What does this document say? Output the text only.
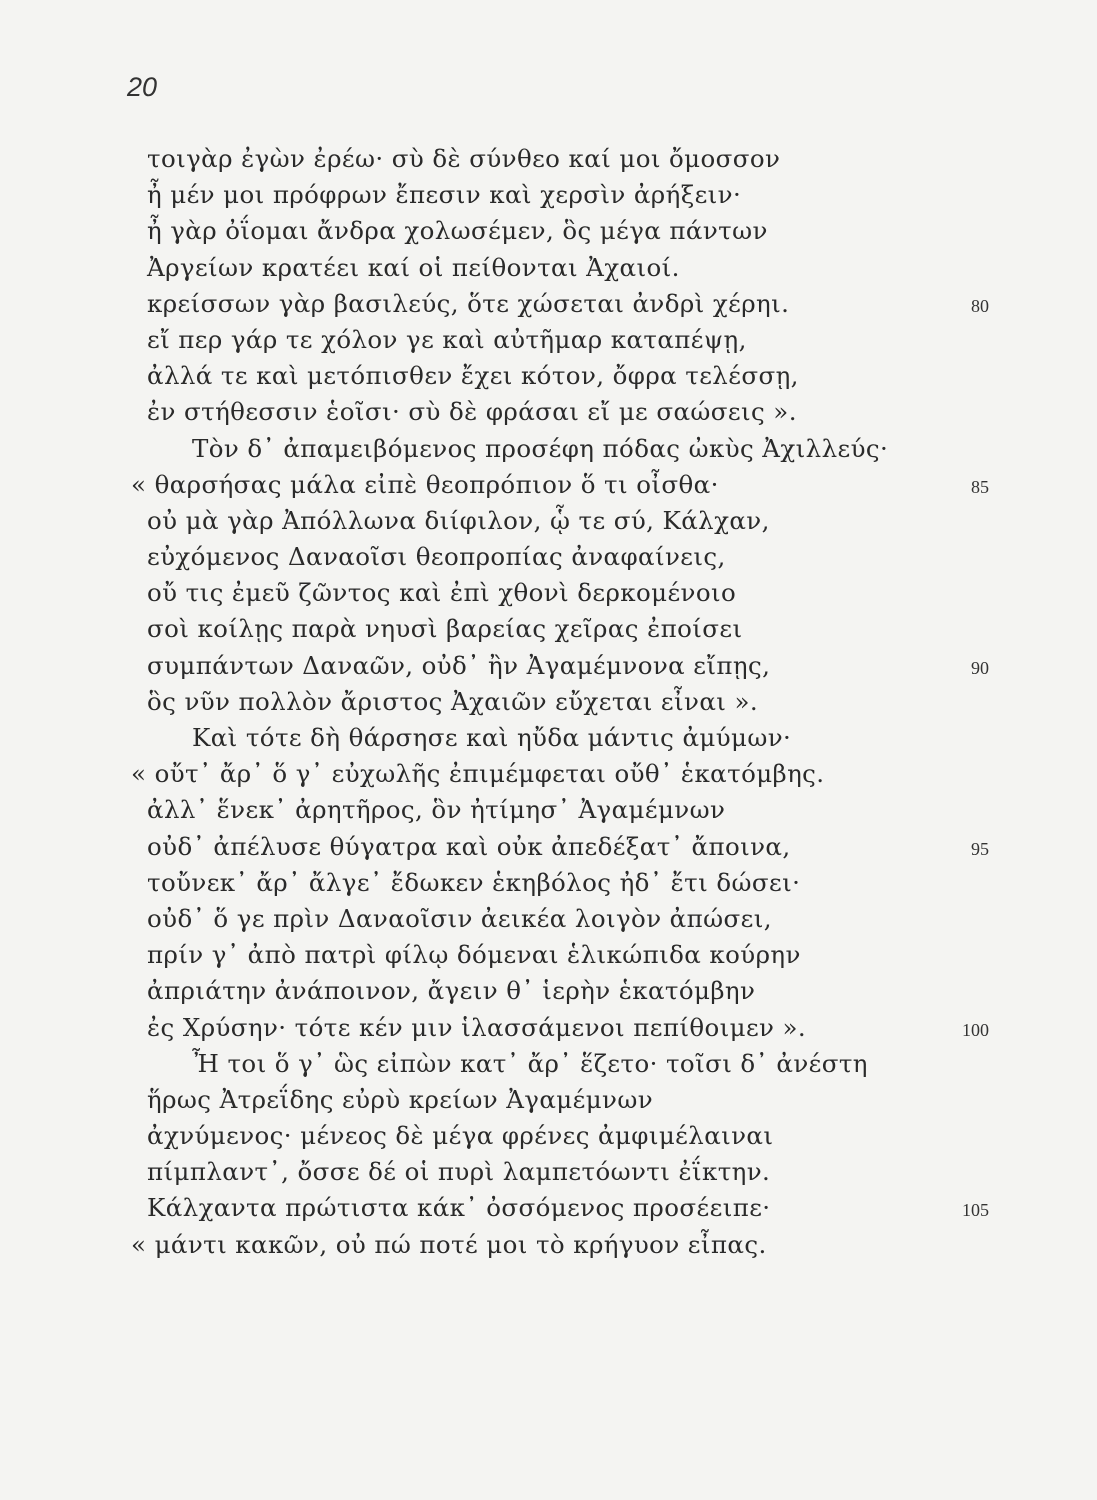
20
τοιγὰρ ἐγὼν ἐρέω· σὺ δὲ σύνθεο καί μοι ὄμοσσον
ἦ μέν μοι πρόφρων ἔπεσιν καὶ χερσὶν ἀρήξειν·
ἦ γὰρ ὀΐομαι ἄνδρα χολωσέμεν, ὃς μέγα πάντων
Ἀργείων κρατέει καί οἱ πείθονται Ἀχαιοί.
κρείσσων γὰρ βασιλεύς, ὅτε χώσεται ἀνδρὶ χέρηι.	80
εἴ περ γάρ τε χόλον γε καὶ αὐτῆμαρ καταπέψῃ,
ἀλλά τε καὶ μετόπισθεν ἔχει κότον, ὄφρα τελέσσῃ,
ἐν στήθεσσιν ἑοῖσι· σὺ δὲ φράσαι εἴ με σαώσεις ».
Τὸν δ᾽ ἀπαμειβόμενος προσέφη πόδας ὠκὺς Ἀχιλλεύς·
« θαρσήσας μάλα εἰπὲ θεοπρόπιον ὅ τι οἶσθα·	85
οὐ μὰ γὰρ Ἀπόλλωνα διίφιλον, ᾧ τε σύ, Κάλχαν,
εὐχόμενος Δαναοῖσι θεοπροπίας ἀναφαίνεις,
οὔ τις ἐμεῦ ζῶντος καὶ ἐπὶ χθονὶ δερκομένοιο
σοὶ κοίλῃς παρὰ νηυσὶ βαρείας χεῖρας ἐποίσει
συμπάντων Δαναῶν, οὐδ᾽ ἢν Ἀγαμέμνονα εἴπῃς,	90
ὃς νῦν πολλὸν ἄριστος Ἀχαιῶν εὔχεται εἶναι ».
Καὶ τότε δὴ θάρσησε καὶ ηὔδα μάντις ἀμύμων·
« οὔτ᾽ ἄρ᾽ ὅ γ᾽ εὐχωλῆς ἐπιμέμφεται οὔθ᾽ ἑκατόμβης.
ἀλλ᾽ ἕνεκ᾽ ἀρητῆρος, ὃν ἠτίμησ᾽ Ἀγαμέμνων
οὐδ᾽ ἀπέλυσε θύγατρα καὶ οὐκ ἀπεδέξατ᾽ ἄποινα,	95
τοὔνεκ᾽ ἄρ᾽ ἄλγε᾽ ἔδωκεν ἑκηβόλος ἠδ᾽ ἔτι δώσει·
οὐδ᾽ ὅ γε πρὶν Δαναοῖσιν ἀεικέα λοιγὸν ἀπώσει,
πρίν γ᾽ ἀπὸ πατρὶ φίλῳ δόμεναι ἑλικώπιδα κούρην
ἀπριάτην ἀνάποινον, ἄγειν θ᾽ ἱερὴν ἑκατόμβην
ἐς Χρύσην· τότε κέν μιν ἱλασσάμενοι πεπίθοιμεν ».	100
Ἦ τοι ὅ γ᾽ ὣς εἰπὼν κατ᾽ ἄρ᾽ ἕζετο· τοῖσι δ᾽ ἀνέστη
ἥρως Ἀτρεΐδης εὐρὺ κρείων Ἀγαμέμνων
ἀχνύμενος· μένεος δὲ μέγα φρένες ἀμφιμέλαιναι
πίμπλαντ᾽, ὄσσε δέ οἱ πυρὶ λαμπετόωντι ἐΐκτην.
Κάλχαντα πρώτιστα κάκ᾽ ὀσσόμενος προσέειπε·	105
« μάντι κακῶν, οὐ πώ ποτέ μοι τὸ κρήγυον εἶπας.
